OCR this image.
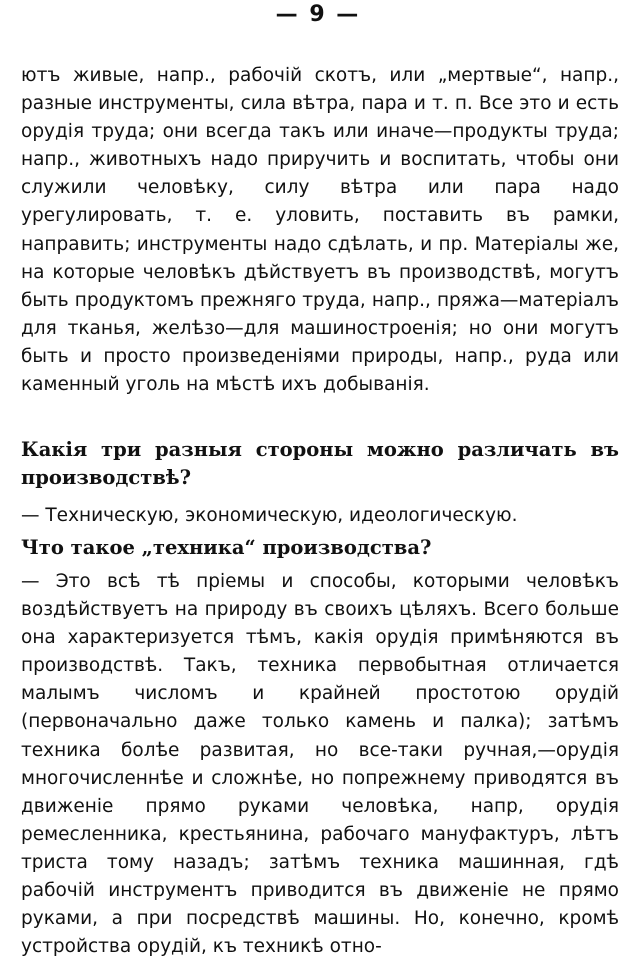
— 9 —
ютъ живые, напр., рабочій скотъ, или „мертвые“, напр., разные инструменты, сила вѣтра, пара и т. п. Все это и есть орудія труда; они всегда такъ или иначе—продукты труда; напр., животныхъ надо приручить и воспитать, чтобы они служили человѣку, силу вѣтра или пара надо урегулировать, т. е. уловить, поставить въ рамки, направить; инструменты надо сдѣлать, и пр. Матеріалы же, на которые человѣкъ дѣйствуетъ въ производствѣ, могутъ быть продуктомъ прежняго труда, напр., пряжа—матеріалъ для тканья, желѣзо—для машиностроенія; но они могутъ быть и просто произведеніями природы, напр., руда или каменный уголь на мѣстѣ ихъ добыванія.
Какія три разныя стороны можно различать въ производствѣ?
— Техническую, экономическую, идеологическую.
Что такое „техника“ производства?
— Это всѣ тѣ пріемы и способы, которыми человѣкъ воздѣйствуетъ на природу въ своихъ цѣляхъ. Всего больше она характеризуется тѣмъ, какія орудія примѣняются въ производствѣ. Такъ, техника первобытная отличается малымъ числомъ и крайней простотою орудій (первоначально даже только камень и палка); затѣмъ техника болѣе развитая, но все-таки ручная,—орудія многочисленнѣе и сложнѣе, но попрежнему приводятся въ движеніе прямо руками человѣка, напр, орудія ремесленника, крестьянина, рабочаго мануфактуръ, лѣтъ триста тому назадъ; затѣмъ техника машинная, гдѣ рабочій инструментъ приводится въ движеніе не прямо руками, а при посредствѣ машины. Но, конечно, кромѣ устройства орудій, къ техникѣ отно-
